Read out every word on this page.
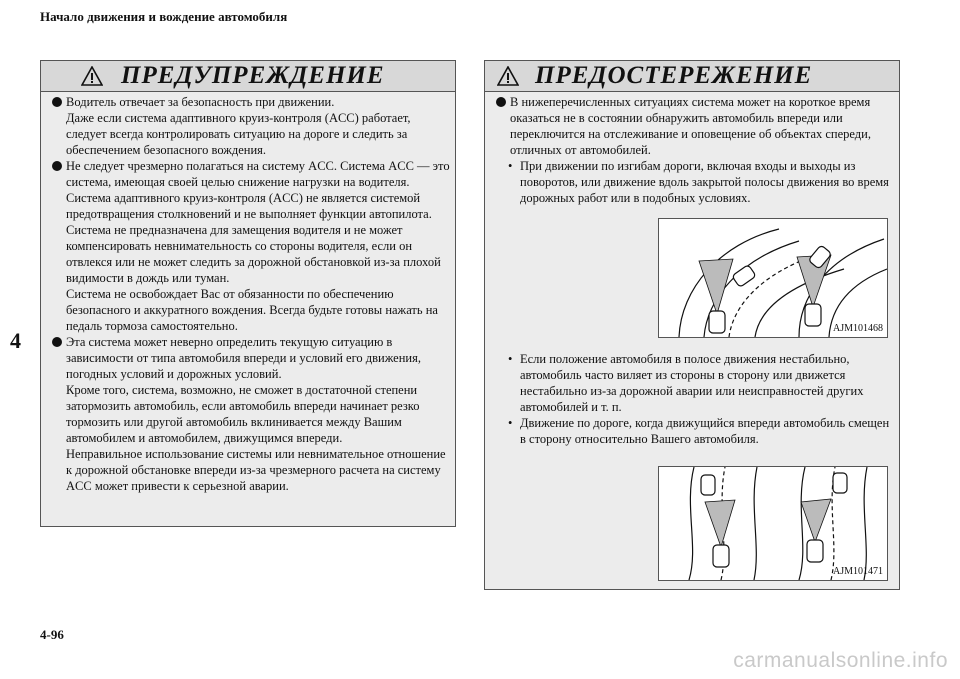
Начало движения и вождение автомобиля
4
4-96
carmanualsonline.info
ПРЕДУПРЕЖДЕНИЕ

Водитель отвечает за безопасность при движении.

Даже если система адаптивного круиз-контроля (ACC) работает, следует всегда контролировать ситуацию на дороге и следить за обеспечением безопасного вождения.

Не следует чрезмерно полагаться на систему ACC. Система ACC — это система, имеющая своей целью снижение нагрузки на водителя.

Система адаптивного круиз-контроля (ACC) не является системой предотвращения столкновений и не выполняет функции автопилота. Система не предназначена для замещения водителя и не может компенсировать невнимательность со стороны водителя, если он отвлекся или не может следить за дорожной обстановкой из-за плохой видимости в дождь или туман.

Система не освобождает Вас от обязанности по обеспечению безопасного и аккуратного вождения. Всегда будьте готовы нажать на педаль тормоза самостоятельно.

Эта система может неверно определить текущую ситуацию в зависимости от типа автомобиля впереди и условий его движения, погодных условий и дорожных условий.

Кроме того, система, возможно, не сможет в достаточной степени затормозить автомобиль, если автомобиль впереди начинает резко тормозить или другой автомобиль вклинивается между Вашим автомобилем и автомобилем, движущимся впереди.

Неправильное использование системы или невнимательное отношение к дорожной обстановке впереди из-за чрезмерного расчета на систему ACC может привести к серьезной аварии.

ПРЕДОСТЕРЕЖЕНИЕ

В нижеперечисленных ситуациях система может на короткое время оказаться не в состоянии обнаружить автомобиль впереди или переключится на отслеживание и оповещение об объектах спереди, отличных от автомобилей.

• При движении по изгибам дороги, включая входы и выходы из поворотов, или движение вдоль закрытой полосы движения во время дорожных работ или в подобных условиях.

AJM101468

• Если положение автомобиля в полосе движения нестабильно, автомобиль часто виляет из стороны в сторону или движется нестабильно из-за дорожной аварии или неисправностей других автомобилей и т. п.

• Движение по дороге, когда движущийся впереди автомобиль смещен в сторону относительно Вашего автомобиля.

AJM101471
